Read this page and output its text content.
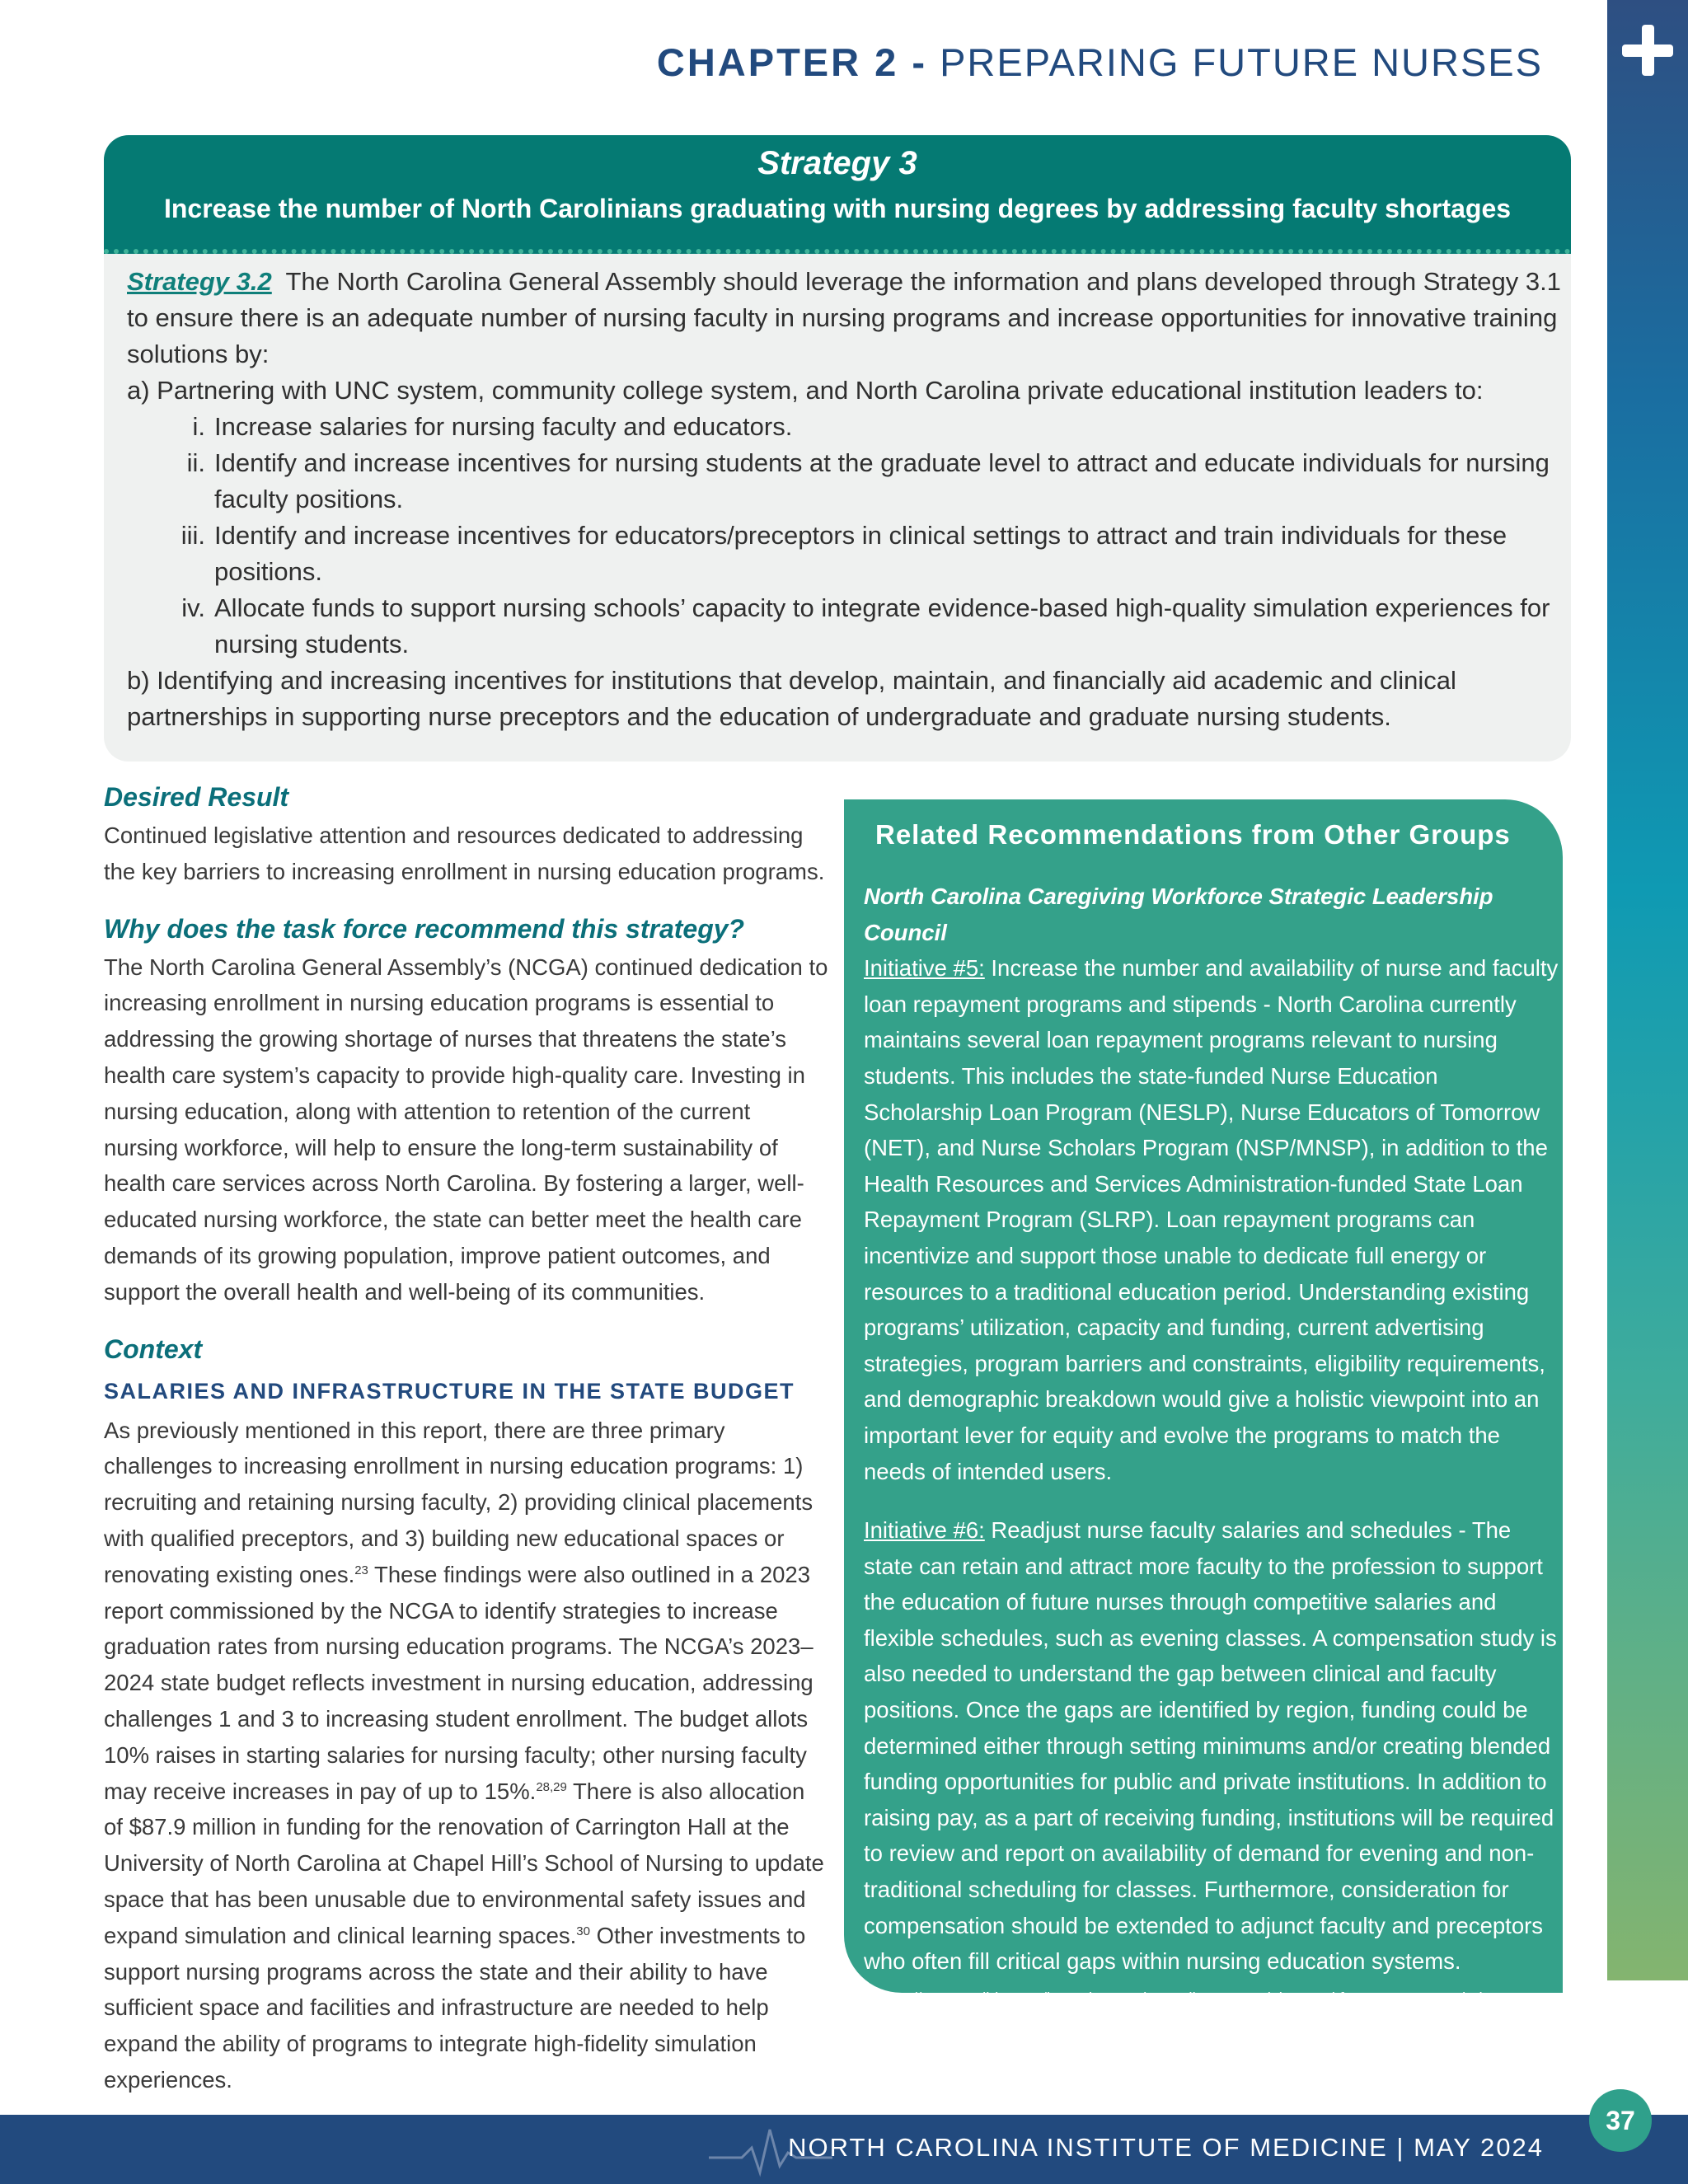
CHAPTER 2 - PREPARING FUTURE NURSES
Strategy 3
Increase the number of North Carolinians graduating with nursing degrees by addressing faculty shortages
Strategy 3.2 The North Carolina General Assembly should leverage the information and plans developed through Strategy 3.1 to ensure there is an adequate number of nursing faculty in nursing programs and increase opportunities for innovative training solutions by:
a) Partnering with UNC system, community college system, and North Carolina private educational institution leaders to:
i. Increase salaries for nursing faculty and educators.
ii. Identify and increase incentives for nursing students at the graduate level to attract and educate individuals for nursing faculty positions.
iii. Identify and increase incentives for educators/preceptors in clinical settings to attract and train individuals for these positions.
iv. Allocate funds to support nursing schools’ capacity to integrate evidence-based high-quality simulation experiences for nursing students.
b) Identifying and increasing incentives for institutions that develop, maintain, and financially aid academic and clinical partnerships in supporting nurse preceptors and the education of undergraduate and graduate nursing students.
Desired Result
Continued legislative attention and resources dedicated to addressing the key barriers to increasing enrollment in nursing education programs.
Why does the task force recommend this strategy?
The North Carolina General Assembly’s (NCGA) continued dedication to increasing enrollment in nursing education programs is essential to addressing the growing shortage of nurses that threatens the state’s health care system’s capacity to provide high-quality care. Investing in nursing education, along with attention to retention of the current nursing workforce, will help to ensure the long-term sustainability of health care services across North Carolina. By fostering a larger, well-educated nursing workforce, the state can better meet the health care demands of its growing population, improve patient outcomes, and support the overall health and well-being of its communities.
Context
SALARIES AND INFRASTRUCTURE IN THE STATE BUDGET
As previously mentioned in this report, there are three primary challenges to increasing enrollment in nursing education programs: 1) recruiting and retaining nursing faculty, 2) providing clinical placements with qualified preceptors, and 3) building new educational spaces or renovating existing ones.$^{23}$ These findings were also outlined in a 2023 report commissioned by the NCGA to identify strategies to increase graduation rates from nursing education programs. The NCGA’s 2023–2024 state budget reflects investment in nursing education, addressing challenges 1 and 3 to increasing student enrollment. The budget allots 10% raises in starting salaries for nursing faculty; other nursing faculty may receive increases in pay of up to 15%.$^{28,29}$ There is also allocation of $87.9 million in funding for the renovation of Carrington Hall at the University of North Carolina at Chapel Hill’s School of Nursing to update space that has been unusable due to environmental safety issues and expand simulation and clinical learning spaces.$^{30}$ Other investments to support nursing programs across the state and their ability to have sufficient space and facilities and infrastructure are needed to help expand the ability of programs to integrate high-fidelity simulation experiences.
Related Recommendations from Other Groups
North Carolina Caregiving Workforce Strategic Leadership Council
Initiative #5: Increase the number and availability of nurse and faculty loan repayment programs and stipends - North Carolina currently maintains several loan repayment programs relevant to nursing students. This includes the state-funded Nurse Education Scholarship Loan Program (NESLP), Nurse Educators of Tomorrow (NET), and Nurse Scholars Program (NSP/MNSP), in addition to the Health Resources and Services Administration-funded State Loan Repayment Program (SLRP). Loan repayment programs can incentivize and support those unable to dedicate full energy or resources to a traditional education period. Understanding existing programs’ utilization, capacity and funding, current advertising strategies, program barriers and constraints, eligibility requirements, and demographic breakdown would give a holistic viewpoint into an important lever for equity and evolve the programs to match the needs of intended users.
Initiative #6: Readjust nurse faculty salaries and schedules - The state can retain and attract more faculty to the profession to support the education of future nurses through competitive salaries and flexible schedules, such as evening classes. A compensation study is also needed to understand the gap between clinical and faculty positions. Once the gaps are identified by region, funding could be determined either through setting minimums and/or creating blended funding opportunities for public and private institutions. In addition to raising pay, as a part of receiving funding, institutions will be required to review and report on availability of demand for evening and non-traditional scheduling for classes. Furthermore, consideration for compensation should be extended to adjunct faculty and preceptors who often fill critical gaps within nursing education systems.
https://www.ncdhhs.gov/investing-north-carolinas-caregiving-workforce-recommendations-strengthen-north-carolinas-nursing/download?attachment
NORTH CAROLINA INSTITUTE OF MEDICINE | MAY 2024
37
